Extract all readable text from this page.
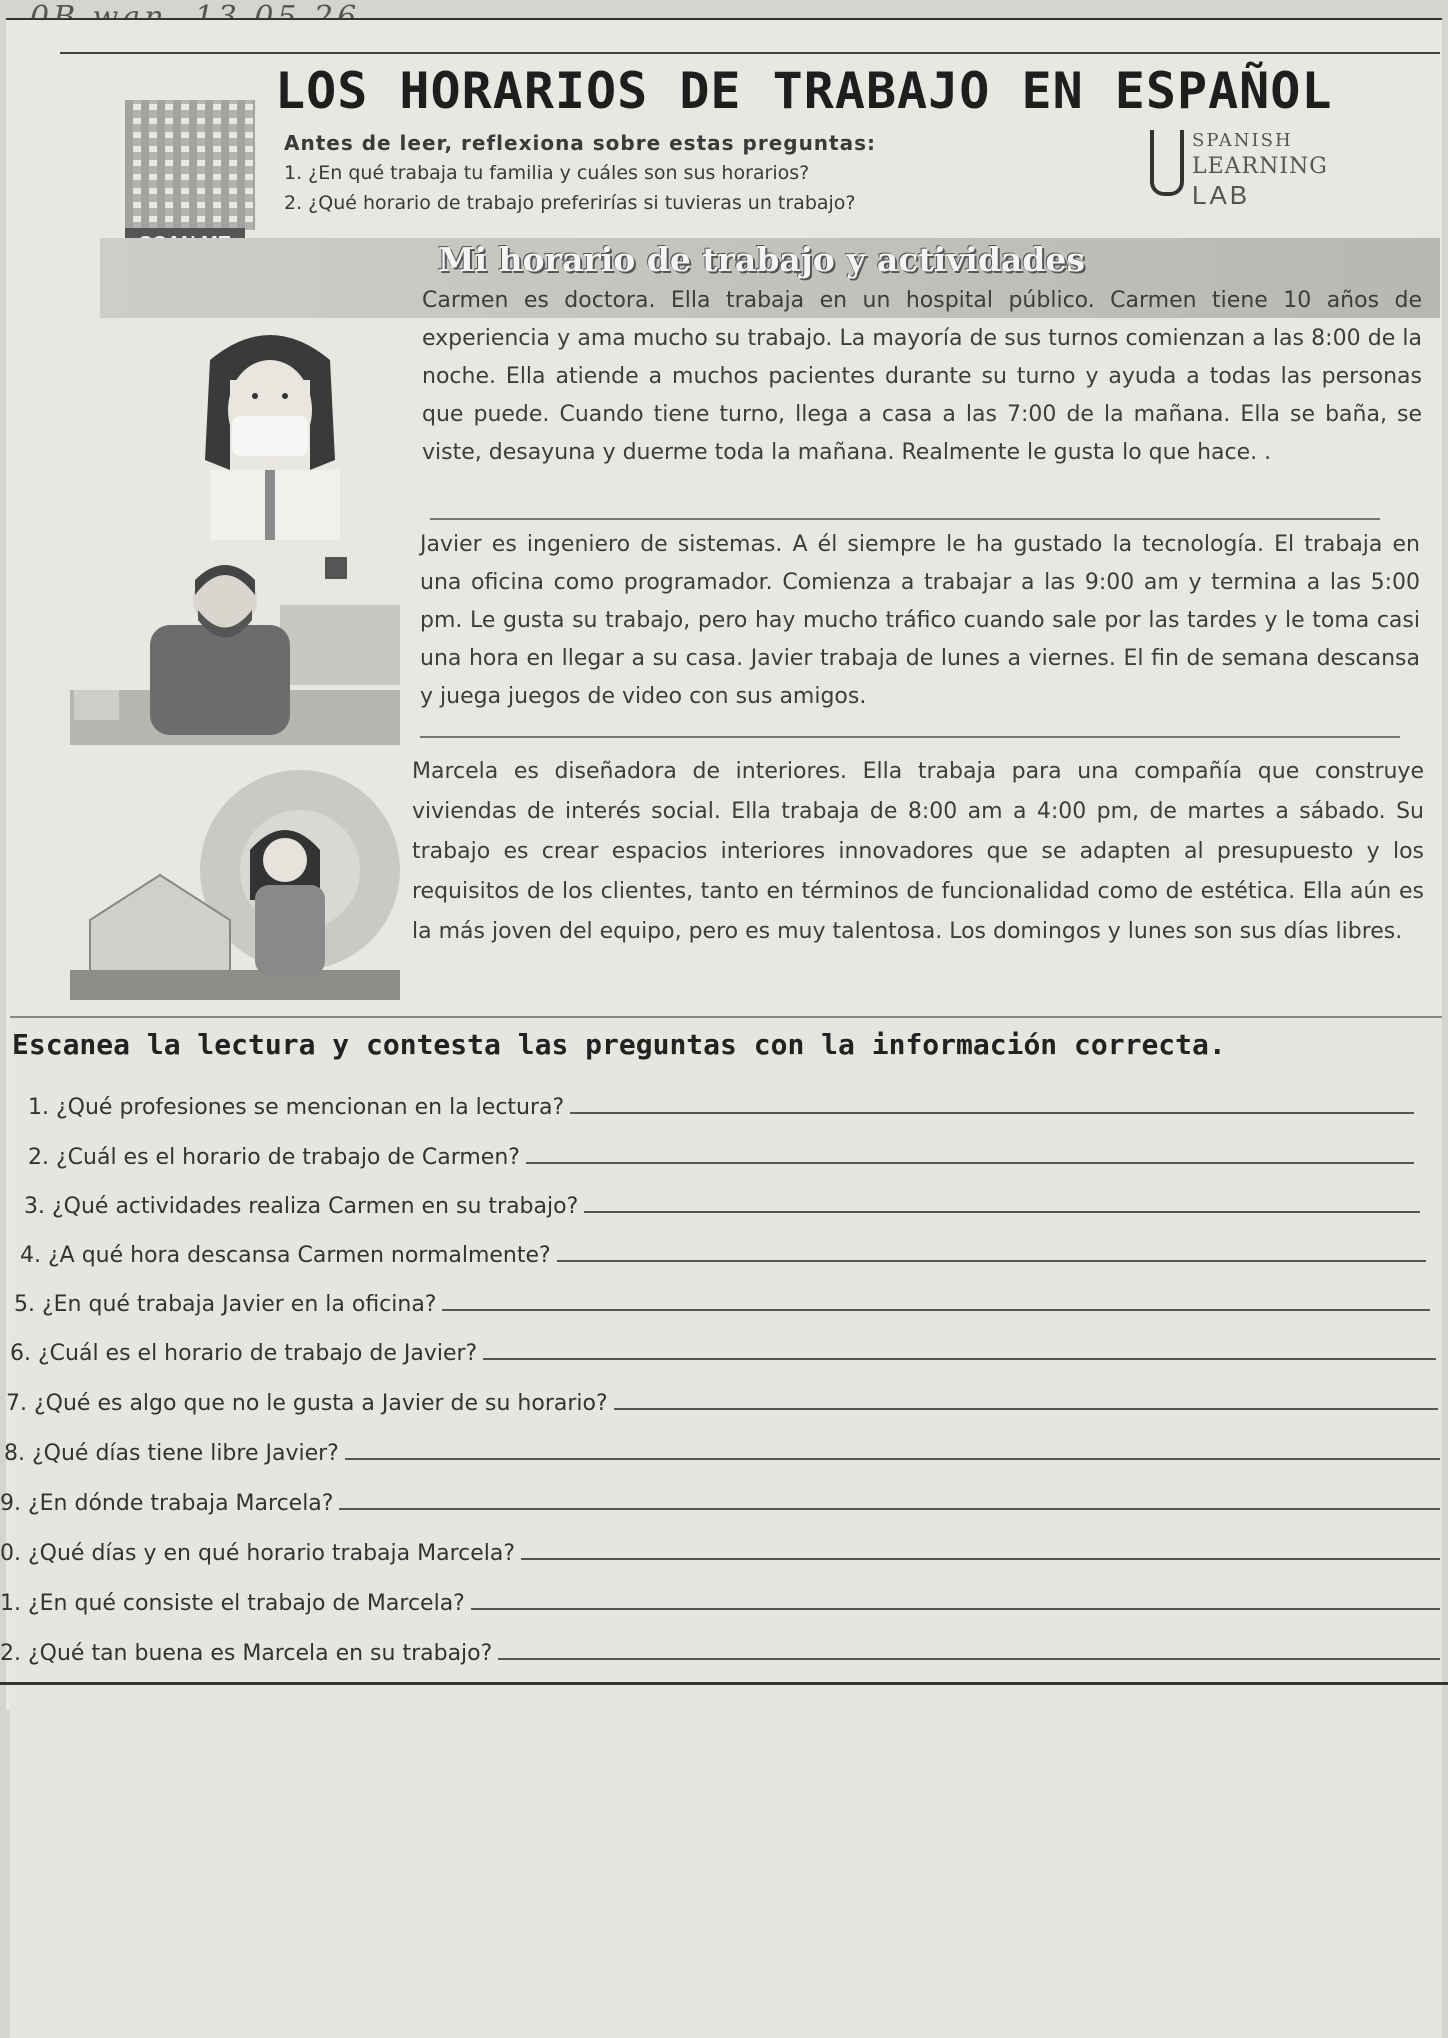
LOS HORARIOS DE TRABAJO EN ESPAÑOL
Antes de leer, reflexiona sobre estas preguntas:
1. ¿En qué trabaja tu familia y cuáles son sus horarios?
2. ¿Qué horario de trabajo preferirías si tuvieras un trabajo?
SPANISH
LEARNING
LAB
Mi horario de trabajo y actividades
Carmen es doctora. Ella trabaja en un hospital público. Carmen tiene 10 años de experiencia y ama mucho su trabajo. La mayoría de sus turnos comienzan a las 8:00 de la noche. Ella atiende a muchos pacientes durante su turno y ayuda a todas las personas que puede. Cuando tiene turno, llega a casa a las 7:00 de la mañana. Ella se baña, se viste, desayuna y duerme toda la mañana. Realmente le gusta lo que hace. .
Javier es ingeniero de sistemas. A él siempre le ha gustado la tecnología. El trabaja en una oficina como programador. Comienza a trabajar a las 9:00 am y termina a las 5:00 pm. Le gusta su trabajo, pero hay mucho tráfico cuando sale por las tardes y le toma casi una hora en llegar a su casa. Javier trabaja de lunes a viernes. El fin de semana descansa y juega juegos de video con sus amigos.
Marcela es diseñadora de interiores. Ella trabaja para una compañía que construye viviendas de interés social. Ella trabaja de 8:00 am a 4:00 pm, de martes a sábado. Su trabajo es crear espacios interiores innovadores que se adapten al presupuesto y los requisitos de los clientes, tanto en términos de funcionalidad como de estética. Ella aún es la más joven del equipo, pero es muy talentosa. Los domingos y lunes son sus días libres.
Escanea la lectura y contesta las preguntas con la información correcta.
1. ¿Qué profesiones se mencionan en la lectura?
2. ¿Cuál es el horario de trabajo de Carmen?
3. ¿Qué actividades realiza Carmen en su trabajo?
4. ¿A qué hora descansa Carmen normalmente?
5. ¿En qué trabaja Javier en la oficina?
6. ¿Cuál es el horario de trabajo de Javier?
7. ¿Qué es algo que no le gusta a Javier de su horario?
8. ¿Qué días tiene libre Javier?
9. ¿En dónde trabaja Marcela?
0. ¿Qué días y en qué horario trabaja Marcela?
1. ¿En qué consiste el trabajo de Marcela?
2. ¿Qué tan buena es Marcela en su trabajo?
